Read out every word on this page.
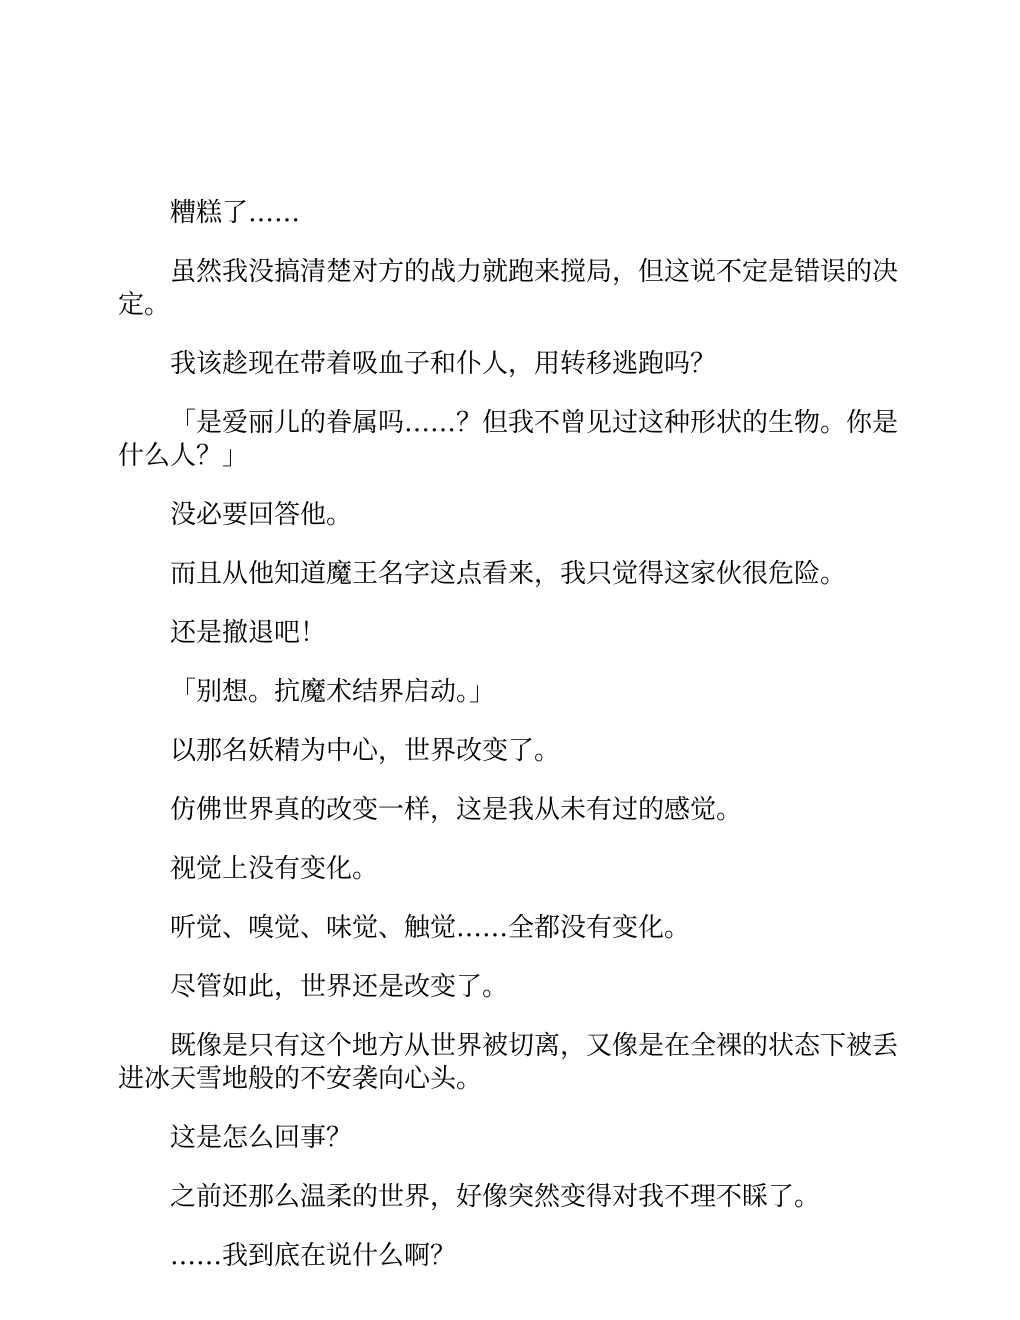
糟糕了……

虽然我没搞清楚对方的战力就跑来搅局，但这说不定是错误的决定。

我该趁现在带着吸血子和仆人，用转移逃跑吗？

「是爱丽儿的眷属吗……？但我不曾见过这种形状的生物。你是什么人？」

没必要回答他。

而且从他知道魔王名字这点看来，我只觉得这家伙很危险。

还是撤退吧！

「别想。抗魔术结界启动。」

以那名妖精为中心，世界改变了。

仿佛世界真的改变一样，这是我从未有过的感觉。

视觉上没有变化。

听觉、嗅觉、味觉、触觉……全都没有变化。

尽管如此，世界还是改变了。

既像是只有这个地方从世界被切离，又像是在全裸的状态下被丢进冰天雪地般的不安袭向心头。

这是怎么回事？

之前还那么温柔的世界，好像突然变得对我不理不睬了。

……我到底在说什么啊？
